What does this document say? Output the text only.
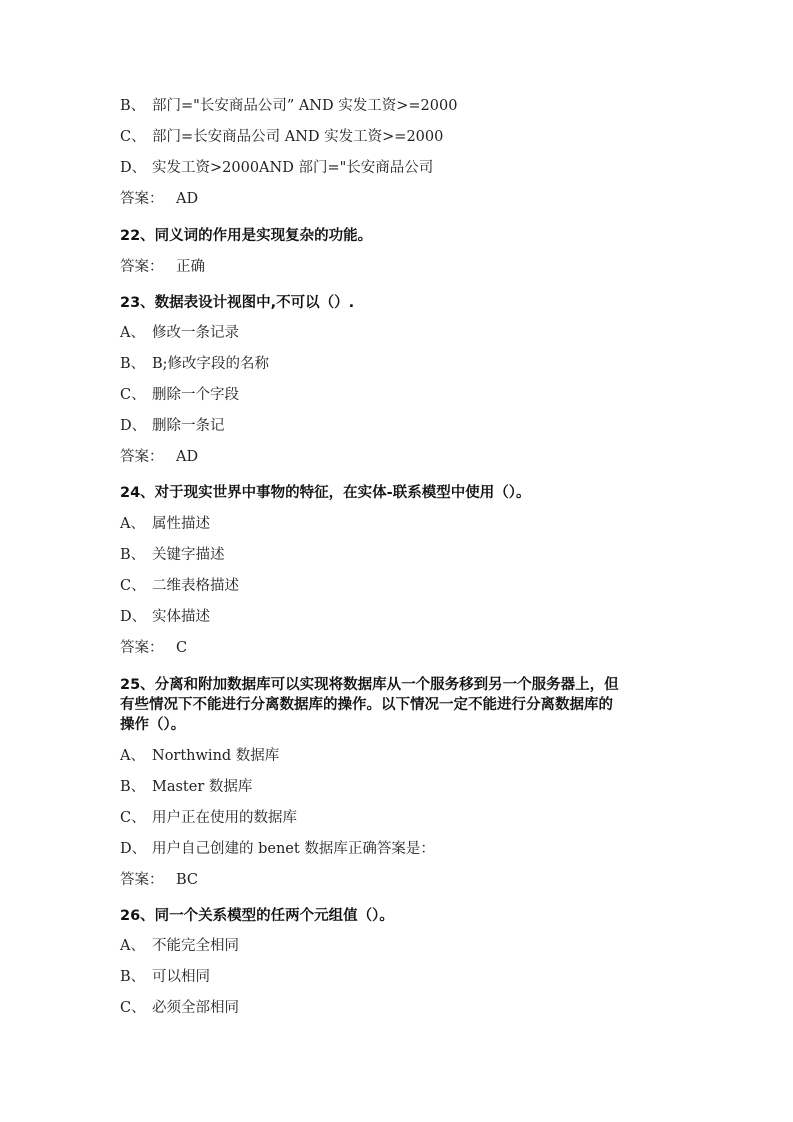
B、 部门="长安商品公司” AND 实发工资>=2000
C、 部门=长安商品公司 AND 实发工资>=2000
D、 实发工资>2000AND 部门="长安商品公司
答案： AD
22、同义词的作用是实现复杂的功能。
答案： 正确
23、数据表设计视图中,不可以（）.
A、 修改一条记录
B、 B;修改字段的名称
C、 删除一个字段
D、 删除一条记
答案： AD
24、对于现实世界中事物的特征，在实体-联系模型中使用（）。
A、 属性描述
B、 关键字描述
C、 二维表格描述
D、 实体描述
答案： C
25、分离和附加数据库可以实现将数据库从一个服务移到另一个服务器上，但
有些情况下不能进行分离数据库的操作。以下情况一定不能进行分离数据库的
操作（）。
A、 Northwind 数据库
B、 Master 数据库
C、 用户正在使用的数据库
D、 用户自己创建的 benet 数据库正确答案是：
答案： BC
26、同一个关系模型的任两个元组值（）。
A、 不能完全相同
B、 可以相同
C、 必须全部相同
